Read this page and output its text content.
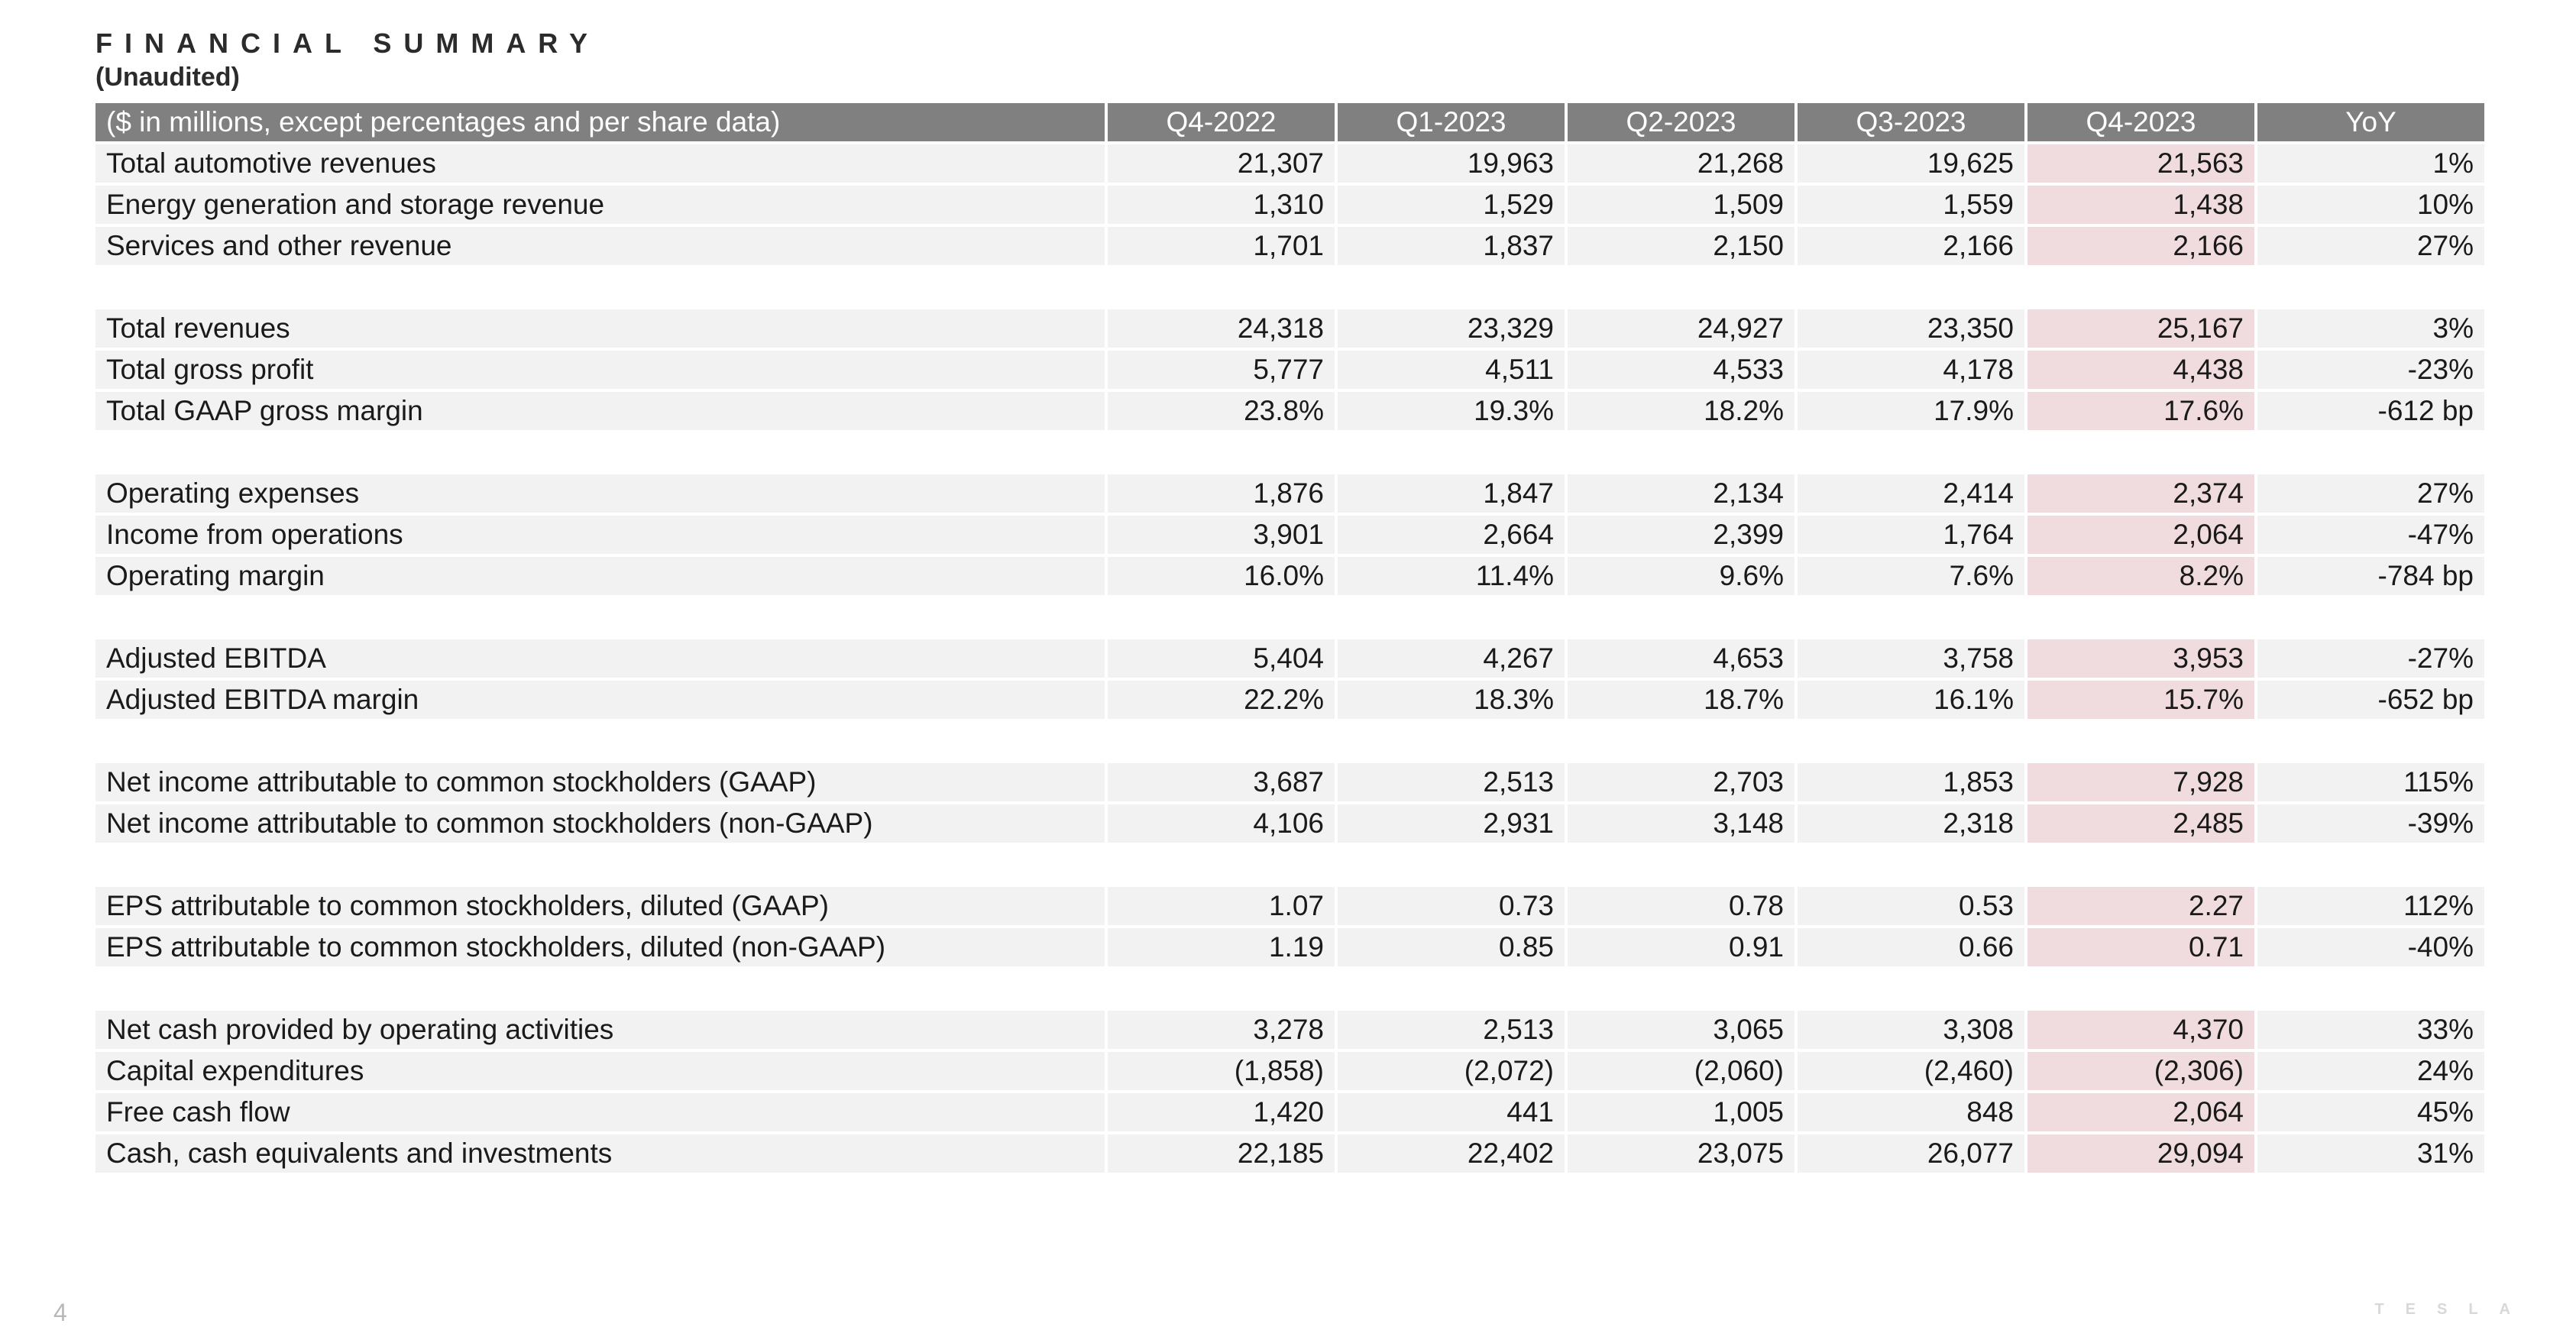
FINANCIAL SUMMARY
(Unaudited)
($ in millions, except percentages and per share data)	Q4-2022	Q1-2023	Q2-2023	Q3-2023	Q4-2023	YoY
Total automotive revenues	21,307	19,963	21,268	19,625	21,563	1%
Energy generation and storage revenue	1,310	1,529	1,509	1,559	1,438	10%
Services and other revenue	1,701	1,837	2,150	2,166	2,166	27%

Total revenues	24,318	23,329	24,927	23,350	25,167	3%
Total gross profit	5,777	4,511	4,533	4,178	4,438	-23%
Total GAAP gross margin	23.8%	19.3%	18.2%	17.9%	17.6%	-612 bp

Operating expenses	1,876	1,847	2,134	2,414	2,374	27%
Income from operations	3,901	2,664	2,399	1,764	2,064	-47%
Operating margin	16.0%	11.4%	9.6%	7.6%	8.2%	-784 bp

Adjusted EBITDA	5,404	4,267	4,653	3,758	3,953	-27%
Adjusted EBITDA margin	22.2%	18.3%	18.7%	16.1%	15.7%	-652 bp

Net income attributable to common stockholders (GAAP)	3,687	2,513	2,703	1,853	7,928	115%
Net income attributable to common stockholders (non-GAAP)	4,106	2,931	3,148	2,318	2,485	-39%

EPS attributable to common stockholders, diluted (GAAP)	1.07	0.73	0.78	0.53	2.27	112%
EPS attributable to common stockholders, diluted (non-GAAP)	1.19	0.85	0.91	0.66	0.71	-40%

Net cash provided by operating activities	3,278	2,513	3,065	3,308	4,370	33%
Capital expenditures	(1,858)	(2,072)	(2,060)	(2,460)	(2,306)	24%
Free cash flow	1,420	441	1,005	848	2,064	45%
Cash, cash equivalents and investments	22,185	22,402	23,075	26,077	29,094	31%
4	TESLA
